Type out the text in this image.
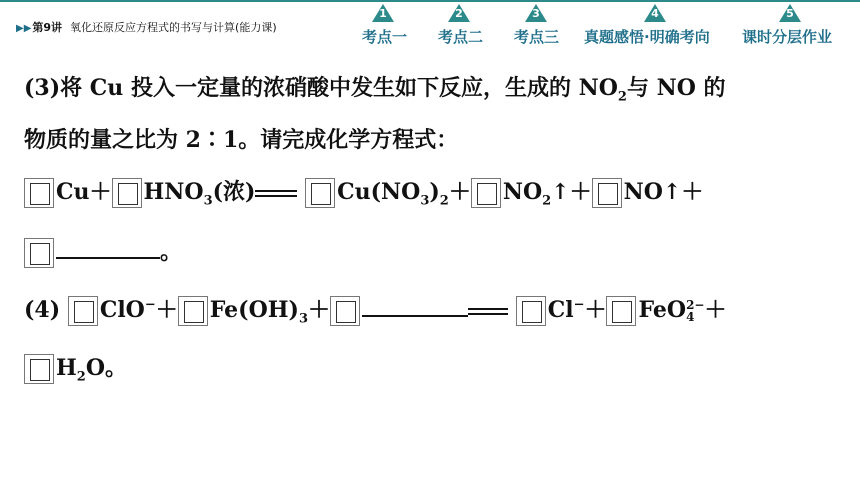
▶▶第9讲 氧化还原反应方程式的书写与计算(能力课)
1
考点一
2
考点二
3
考点三
4
真题感悟·明确考向
5
课时分层作业
(3)将 Cu 投入一定量的浓硝酸中发生如下反应，生成的 $NO_2$与 NO 的
物质的量之比为 2∶1。请完成化学方程式：
$Cu+ HNO_3$(浓)	$Cu(NO_3)_2+$ $NO_2↑+$ NO↑＋
。
(4) $ClO^-+ Fe(OH)_3+$	Cl−＋ FeO 2−
4 ＋
$H_2O$。
